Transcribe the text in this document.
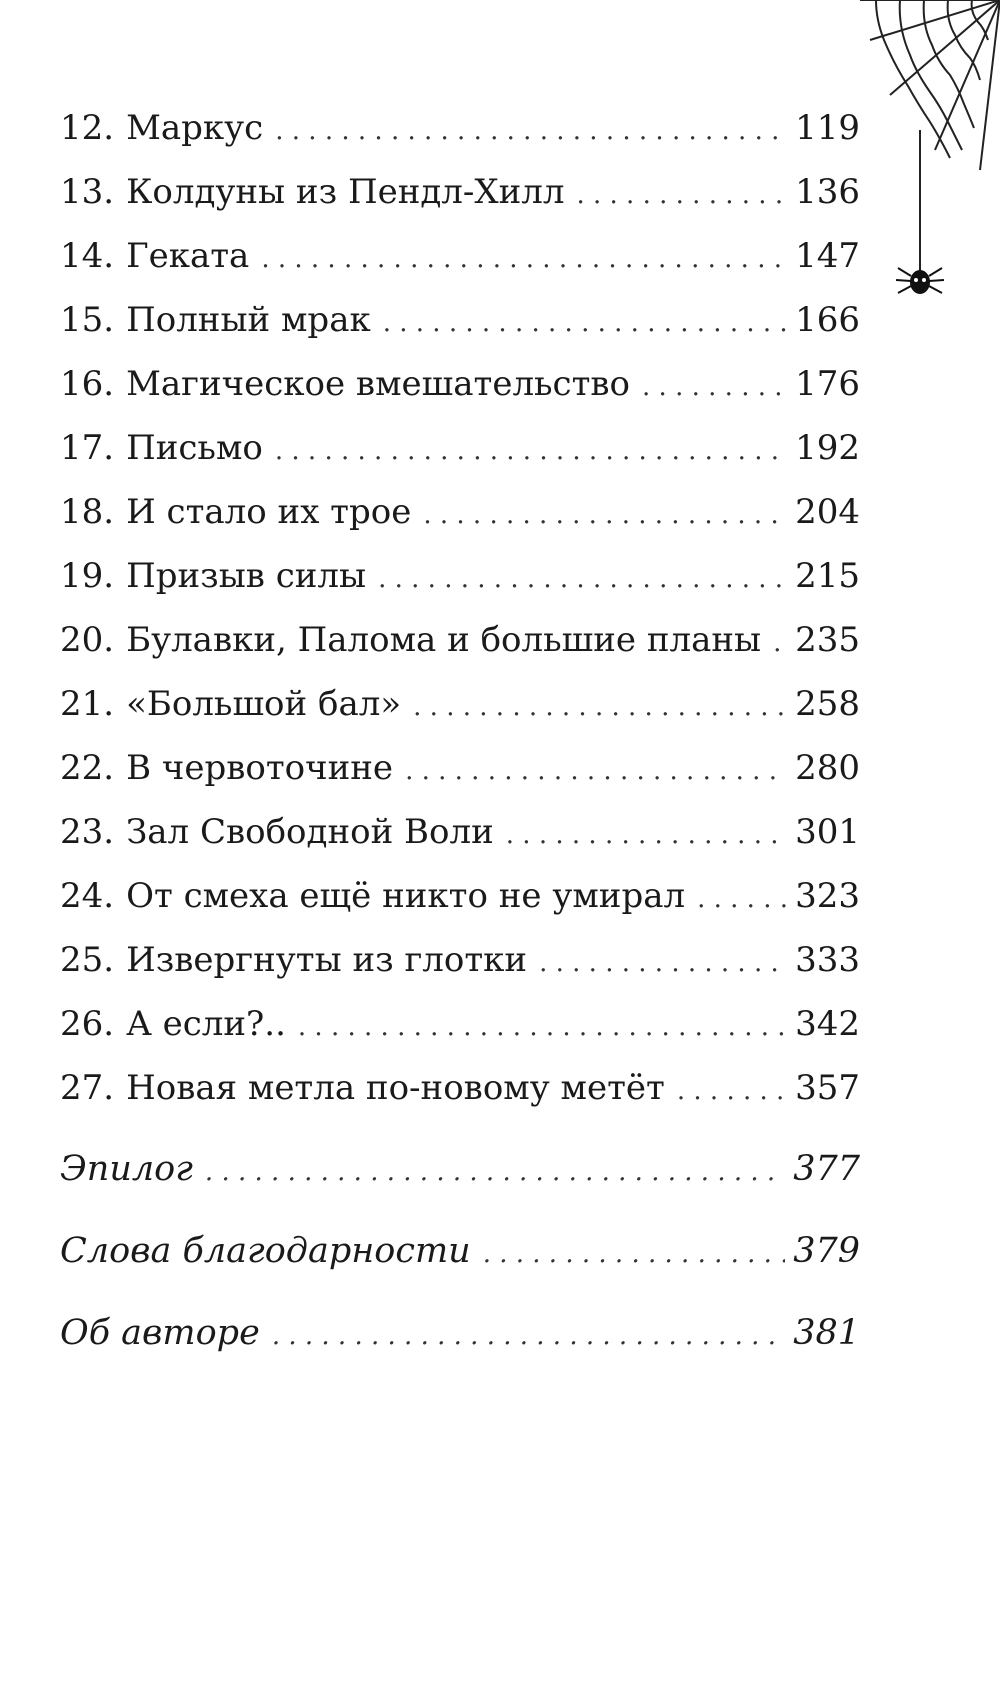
12. Маркус . . .	119
13. Колдуны из Пендл-Хилл . . .	136
14. Геката . . .	147
15. Полный мрак . . .	166
16. Магическое вмешательство . . .	176
17. Письмо . . .	192
18. И стало их трое . . .	204
19. Призыв силы . . .	215
20. Булавки, Палома и большие планы . . . 235
21. «Большой бал» . . .	258
22. В червоточине . . .	280
23. Зал Свободной Воли . . .	301
24. От смеха ещё никто не умирал . . .	323
25. Извергнуты из глотки . . .	333
26. А если?.. . . .	342
27. Новая метла по-новому метёт . . .	357
Эпилог . . .	377
Слова благодарности . . .	379
Об авторе . . .	381
